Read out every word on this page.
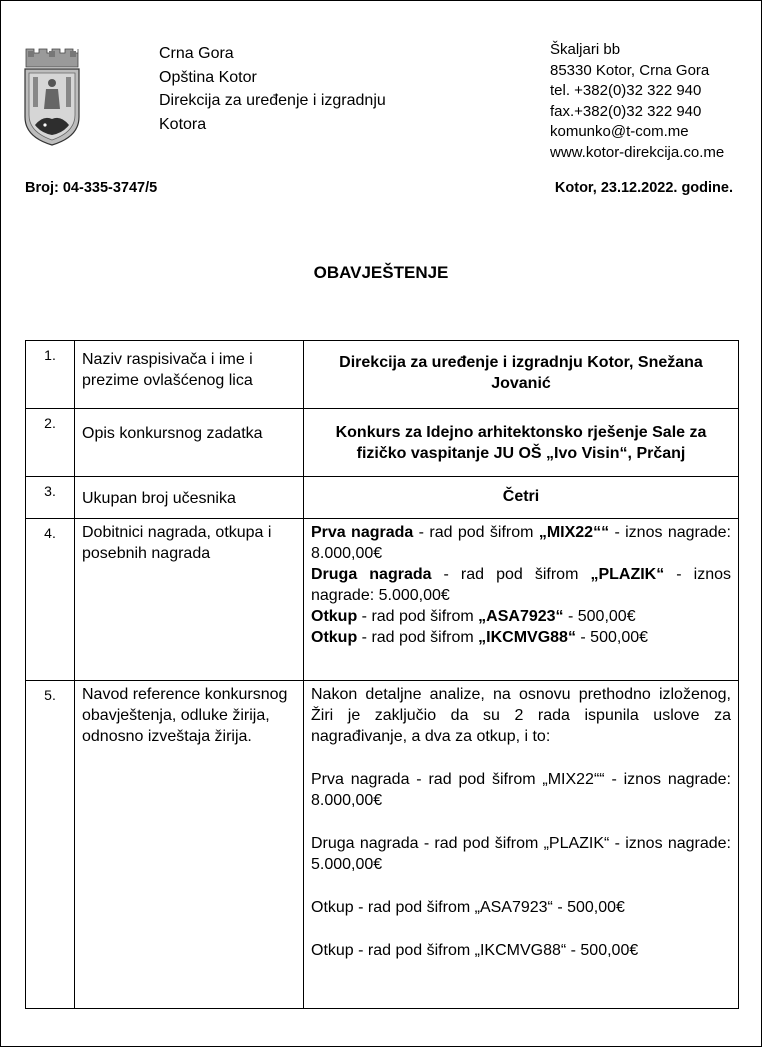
Crna Gora
Opština Kotor
Direkcija za uređenje i izgradnju
Kotora
Škaljari bb
85330 Kotor, Crna Gora
tel. +382(0)32 322 940
fax.+382(0)32 322 940
komunko@t-com.me
www.kotor-direkcija.co.me
Broj: 04-335-3747/5	Kotor, 23.12.2022. godine.
OBAVJEŠTENJE
1.	Naziv raspisivača i ime i prezime ovlašćenog lica	Direkcija za uređenje i izgradnju Kotor, Snežana Jovanić
2.	Opis konkursnog zadatka	Konkurs za Idejno arhitektonsko rješenje Sale za fizičko vaspitanje JU OŠ „Ivo Visin“, Prčanj
3.	Ukupan broj učesnika	Četri
4.	Dobitnici nagrada, otkupa i posebnih nagrada	Prva nagrada - rad pod šifrom „MIX22““ - iznos nagrade: 8.000,00€

Druga nagrada - rad pod šifrom „PLAZIK“ - iznos nagrade: 5.000,00€

Otkup - rad pod šifrom „ASA7923“ - 500,00€

Otkup - rad pod šifrom „IKCMVG88“ - 500,00€

5.	Navod reference konkursnog obavještenja, odluke žirija, odnosno izveštaja žirija.	Nakon detaljne analize, na osnovu prethodno izloženog, Žiri je zaključio da su 2 rada ispunila uslove za nagrađivanje, a dva za otkup, i to:

Prva nagrada - rad pod šifrom „MIX22““ - iznos nagrade: 8.000,00€

Druga nagrada - rad pod šifrom „PLAZIK“ - iznos nagrade: 5.000,00€

Otkup - rad pod šifrom „ASA7923“ - 500,00€

Otkup - rad pod šifrom „IKCMVG88“ - 500,00€
